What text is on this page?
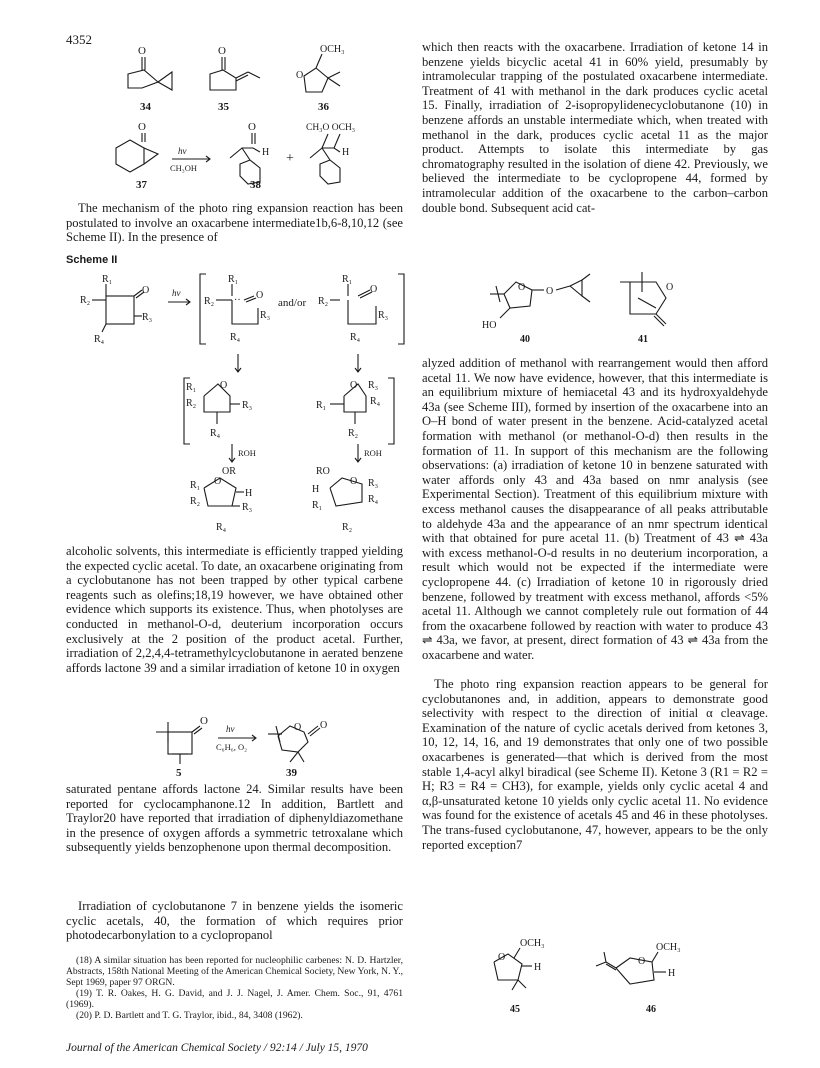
4352
O
34
O
35
OCH₃
O
36
O
37
hν
CH₃OH
O
H
38
+
CH₃O OCH₃
H

The mechanism of the photo ring expansion reaction has been postulated to involve an oxacarbene intermediate1b,6-8,10,12 (see Scheme II). In the presence of

Scheme II
R₁
R₂
O
R₃
R₄
hν
R₁
R₂ ·· O
R₃
R₄
and/or
R₁
R₂
O
R₃
R₄
R₁
R₂
O
R₃
R₄
O R₃
R₄
R₁
R₂
ROH	ROH
OR
R₁
R₂
O
H
R₃
R₄
RO
H
R₁
O R₃
R₄
R₂

alcoholic solvents, this intermediate is efficiently trapped yielding the expected cyclic acetal. To date, an oxacarbene originating from a cyclobutanone has not been trapped by other typical carbene reagents such as olefins;18,19 however, we have obtained other evidence which supports its existence. Thus, when photolyses are conducted in methanol-O-d, deuterium incorporation occurs exclusively at the 2 position of the product acetal. Further, irradiation of 2,2,4,4-tetramethylcyclobutanone in aerated benzene affords lactone 39 and a similar irradiation of ketone 10 in oxygen

O
5
hν
C₆H₆, O₂
O O
39

saturated pentane affords lactone 24. Similar results have been reported for cyclocamphanone.12 In addition, Bartlett and Traylor20 have reported that irradiation of diphenyldiazomethane in the presence of oxygen affords a symmetric tetroxalane which subsequently yields benzophenone upon thermal decomposition.

Irradiation of cyclobutanone 7 in benzene yields the isomeric cyclic acetals, 40, the formation of which requires prior photodecarbonylation to a cyclopropanol

(18) A similar situation has been reported for nucleophilic carbenes: N. D. Hartzler, Abstracts, 158th National Meeting of the American Chemical Society, New York, N. Y., Sept 1969, paper 97 ORGN.

(19) T. R. Oakes, H. G. David, and J. J. Nagel, J. Amer. Chem. Soc., 91, 4761 (1969).

(20) P. D. Bartlett and T. G. Traylor, ibid., 84, 3408 (1962).

Journal of the American Chemical Society / 92:14 / July 15, 1970

which then reacts with the oxacarbene. Irradiation of ketone 14 in benzene yields bicyclic acetal 41 in 60% yield, presumably by intramolecular trapping of the postulated oxacarbene intermediate. Treatment of 41 with methanol in the dark produces cyclic acetal 15. Finally, irradiation of 2-isopropylidenecyclobutanone (10) in benzene affords an unstable intermediate which, when treated with methanol in the dark, produces cyclic acetal 11 as the major product. Attempts to isolate this intermediate by gas chromatography resulted in the isolation of diene 42. Previously, we believed the intermediate to be cyclopropene 44, formed by intramolecular addition of the oxacarbene to the carbon–carbon double bond. Subsequent acid cat-

O O
HO
40
O
41

alyzed addition of methanol with rearrangement would then afford acetal 11. We now have evidence, however, that this intermediate is an equilibrium mixture of hemiacetal 43 and its hydroxyaldehyde 43a (see Scheme III), formed by insertion of the oxacarbene into an O–H bond of water present in the benzene. Acid-catalyzed acetal formation with methanol (or methanol-O-d) then results in the formation of 11. In support of this mechanism are the following observations: (a) irradiation of ketone 10 in benzene saturated with water affords only 43 and 43a based on nmr analysis (see Experimental Section). Treatment of this equilibrium mixture with excess methanol causes the disappearance of all peaks attributable to aldehyde 43a and the appearance of an nmr spectrum identical with that obtained for pure acetal 11. (b) Treatment of 43 ⇌ 43a with excess methanol-O-d results in no deuterium incorporation, a result which would not be expected if the intermediate were cyclopropene 44. (c) Irradiation of ketone 10 in rigorously dried benzene, followed by treatment with excess methanol, affords <5% acetal 11. Although we cannot completely rule out formation of 44 from the oxacarbene followed by reaction with water to produce 43 ⇌ 43a, we favor, at present, direct formation of 43 ⇌ 43a from the oxacarbene and water.

The photo ring expansion reaction appears to be general for cyclobutanones and, in addition, appears to demonstrate good selectivity with respect to the direction of initial α cleavage. Examination of the nature of cyclic acetals derived from ketones 3, 10, 12, 14, 16, and 19 demonstrates that only one of two possible oxacarbenes is generated—that which is derived from the most stable 1,4-acyl alkyl biradical (see Scheme II). Ketone 3 (R1 = R2 = H; R3 = R4 = CH3), for example, yields only cyclic acetal 4 and α,β-unsaturated ketone 10 yields only cyclic acetal 11. No evidence was found for the existence of acetals 45 and 46 in these photolyses. The trans-fused cyclobutanone, 47, however, appears to be the only reported exception7

OCH₃
O
H
45
OCH₃
O
H
46
